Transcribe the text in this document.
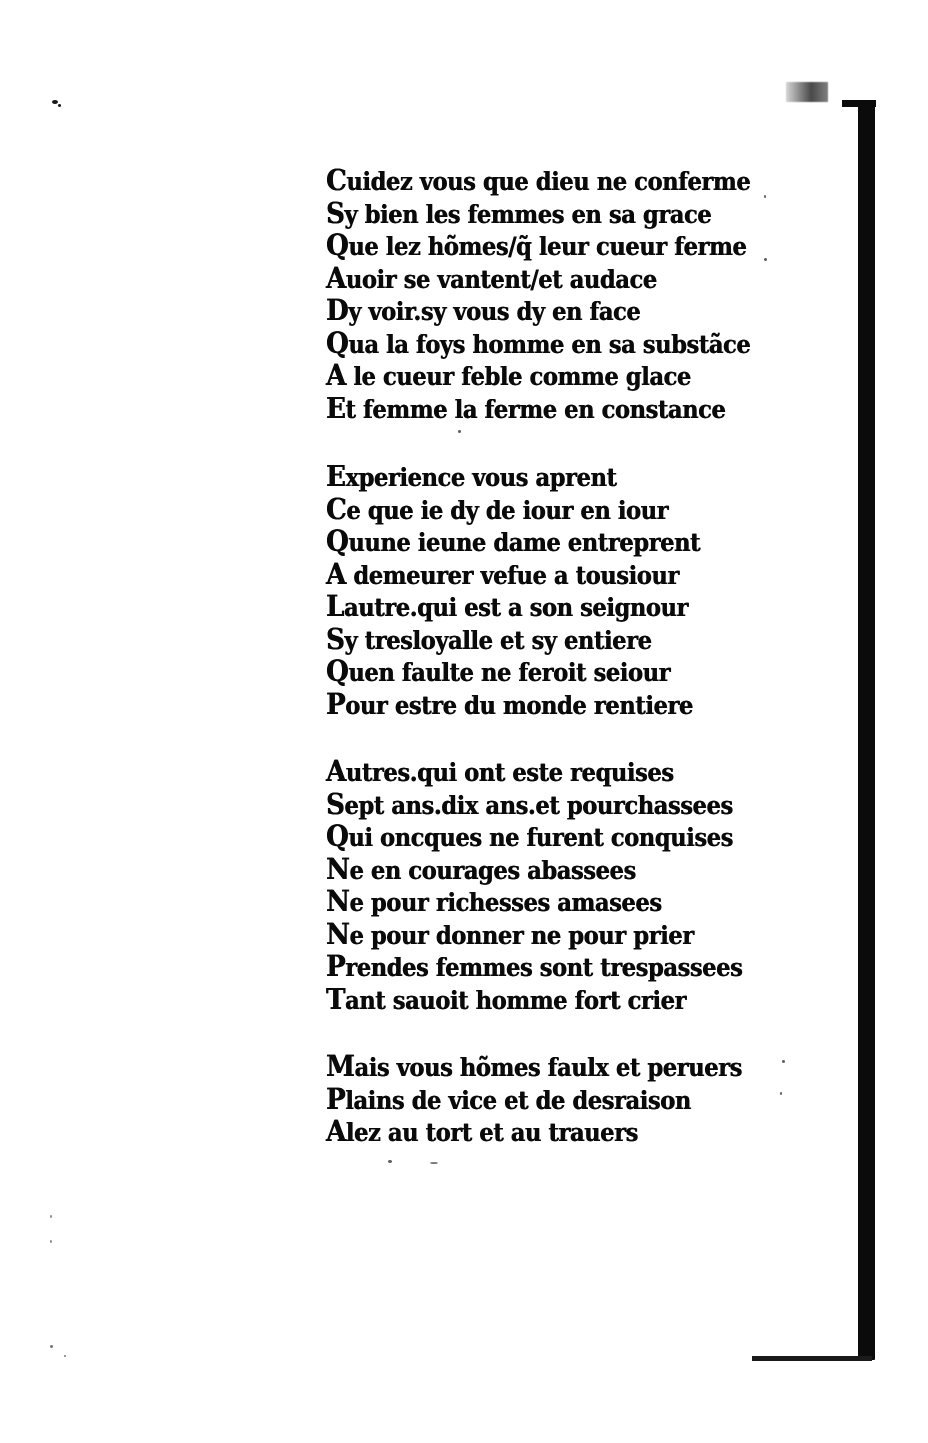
Cuidez vous que dieu ne conferme
Sy bien les femmes en sa grace
Que lez hõmes/q̃ leur cueur ferme
Auoir se vantent/et audace
Dy voir.sy vous dy en face
Qua la foys homme en sa substãce
A le cueur feble comme glace
Et femme la ferme en constance
Experience vous aprent
Ce que ie dy de iour en iour
Quune ieune dame entreprent
A demeurer vefue a tousiour
Lautre.qui est a son seignour
Sy tresloyalle et sy entiere
Quen faulte ne feroit seiour
Pour estre du monde rentiere
Autres.qui ont este requises
Sept ans.dix ans.et pourchassees
Qui oncques ne furent conquises
Ne en courages abassees
Ne pour richesses amasees
Ne pour donner ne pour prier
Prendes femmes sont trespassees
Tant sauoit homme fort crier
Mais vous hõmes faulx et peruers
Plains de vice et de desraison
Alez au tort et au trauers
